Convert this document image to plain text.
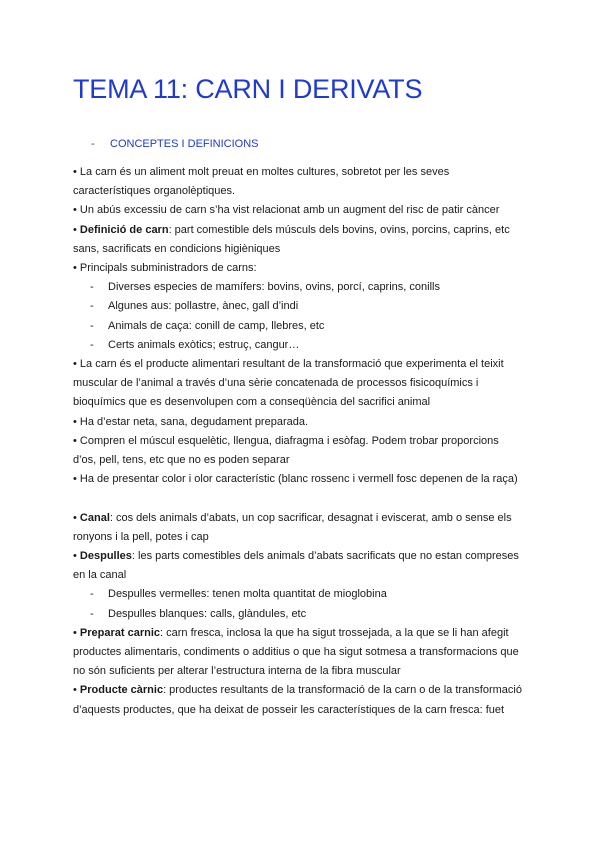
TEMA 11: CARN I DERIVATS
- CONCEPTES I DEFINICIONS

• La carn és un aliment molt preuat en moltes cultures, sobretot per les seves

característiques organolèptiques.

• Un abús excessiu de carn s’ha vist relacionat amb un augment del risc de patir càncer

• Definició de carn: part comestible dels músculs dels bovins, ovins, porcins, caprins, etc

sans, sacrificats en condicions higièniques

• Principals subministradors de carns:

- Diverses especies de mamífers: bovins, ovins, porcí, caprins, conills

- Algunes aus: pollastre, ànec, gall d’indi

- Animals de caça: conill de camp, llebres, etc

- Certs animals exòtics; estruç, cangur…

• La carn és el producte alimentari resultant de la transformació que experimenta el teixit

muscular de l’animal a través d’una sèrie concatenada de processos fisicoquímics i

bioquímics que es desenvolupen com a conseqüència del sacrifici animal

• Ha d’estar neta, sana, degudament preparada.

• Compren el múscul esquelètic, llengua, diafragma i esòfag. Podem trobar proporcions

d’os, pell, tens, etc que no es poden separar

• Ha de presentar color i olor característic (blanc rossenc i vermell fosc depenen de la raça)

• Canal: cos dels animals d’abats, un cop sacrificar, desagnat i eviscerat, amb o sense els

ronyons i la pell, potes i cap

• Despulles: les parts comestibles dels animals d’abats sacrificats que no estan compreses

en la canal

- Despulles vermelles: tenen molta quantitat de mioglobina

- Despulles blanques: calls, glàndules, etc

• Preparat carnic: carn fresca, inclosa la que ha sigut trossejada, a la que se li han afegit

productes alimentaris, condiments o additius o que ha sigut sotmesa a transformacions que

no són suficients per alterar l’estructura interna de la fibra muscular

• Producte càrnic: productes resultants de la transformació de la carn o de la transformació

d’aquests productes, que ha deixat de posseir les característiques de la carn fresca: fuet
